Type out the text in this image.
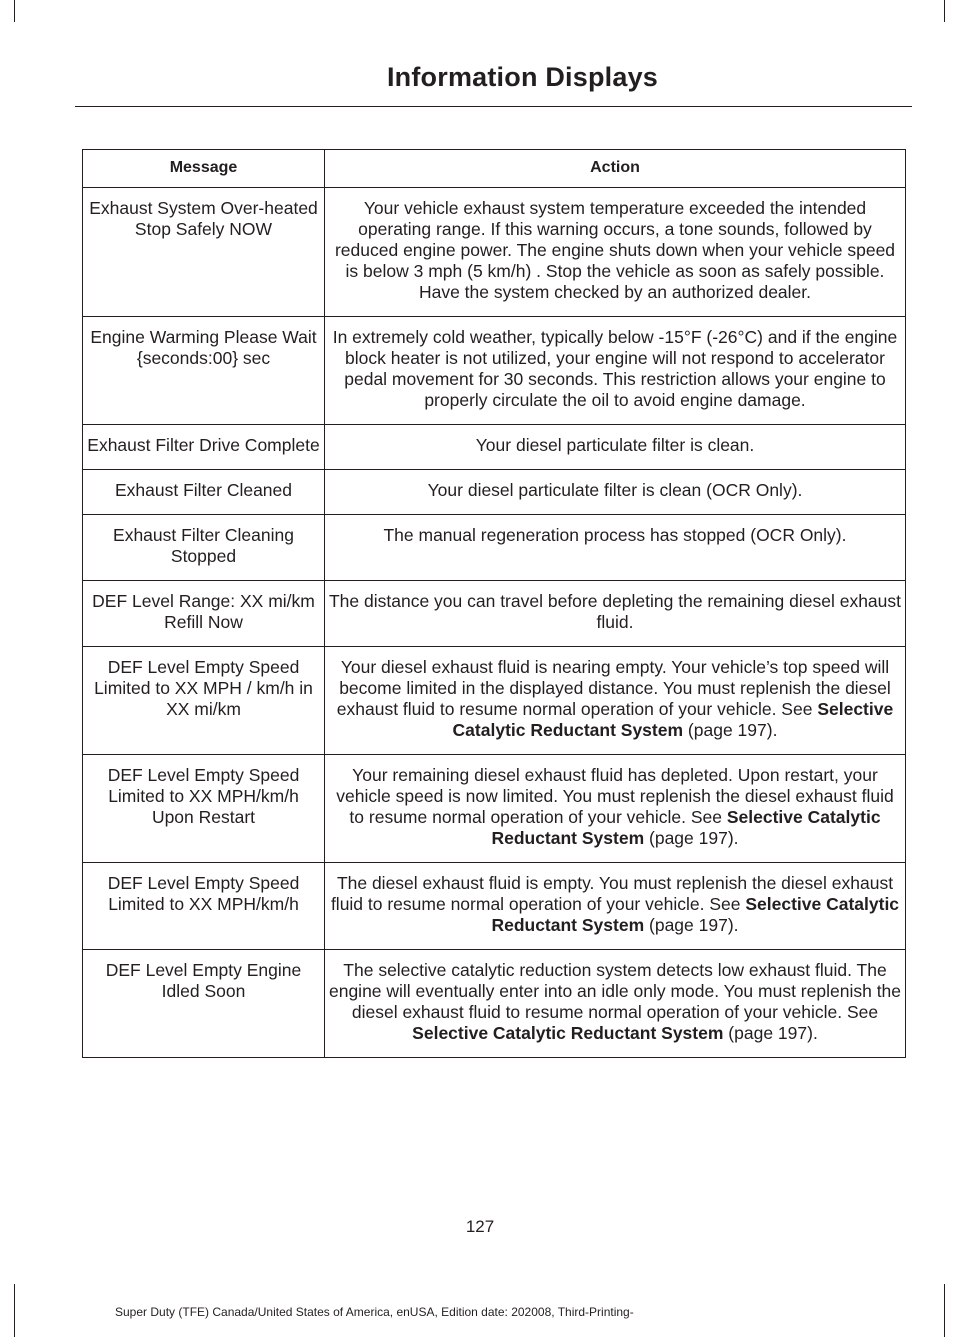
Information Displays
Message	Action
Exhaust System Over-heated Stop Safely NOW	Your vehicle exhaust system temperature exceeded the intended operating range. If this warning occurs, a tone sounds, followed by reduced engine power. The engine shuts down when your vehicle speed is below 3 mph (5 km/h) . Stop the vehicle as soon as safely possible. Have the system checked by an authorized dealer.
Engine Warming Please Wait {seconds:00} sec	In extremely cold weather, typically below -15°F (-26°C) and if the engine block heater is not utilized, your engine will not respond to accelerator pedal movement for 30 seconds. This restriction allows your engine to properly circulate the oil to avoid engine damage.
Exhaust Filter Drive Complete	Your diesel particulate filter is clean.
Exhaust Filter Cleaned	Your diesel particulate filter is clean (OCR Only).
Exhaust Filter Cleaning Stopped	The manual regeneration process has stopped (OCR Only).
DEF Level Range: XX mi/km Refill Now	The distance you can travel before depleting the remaining diesel exhaust fluid.
DEF Level Empty Speed Limited to XX MPH / km/h in XX mi/km	Your diesel exhaust fluid is nearing empty. Your vehicle’s top speed will become limited in the displayed distance. You must replenish the diesel exhaust fluid to resume normal operation of your vehicle. See Selective Catalytic Reductant System (page 197).
DEF Level Empty Speed Limited to XX MPH/km/h Upon Restart	Your remaining diesel exhaust fluid has depleted. Upon restart, your vehicle speed is now limited. You must replenish the diesel exhaust fluid to resume normal operation of your vehicle. See Selective Catalytic Reductant System (page 197).
DEF Level Empty Speed Limited to XX MPH/km/h	The diesel exhaust fluid is empty. You must replenish the diesel exhaust fluid to resume normal operation of your vehicle. See Selective Catalytic Reductant System (page 197).
DEF Level Empty Engine Idled Soon	The selective catalytic reduction system detects low exhaust fluid. The engine will eventually enter into an idle only mode. You must replenish the diesel exhaust fluid to resume normal operation of your vehicle. See Selective Catalytic Reductant System (page 197).
127
Super Duty (TFE) Canada/United States of America, enUSA, Edition date: 202008, Third-Printing-
